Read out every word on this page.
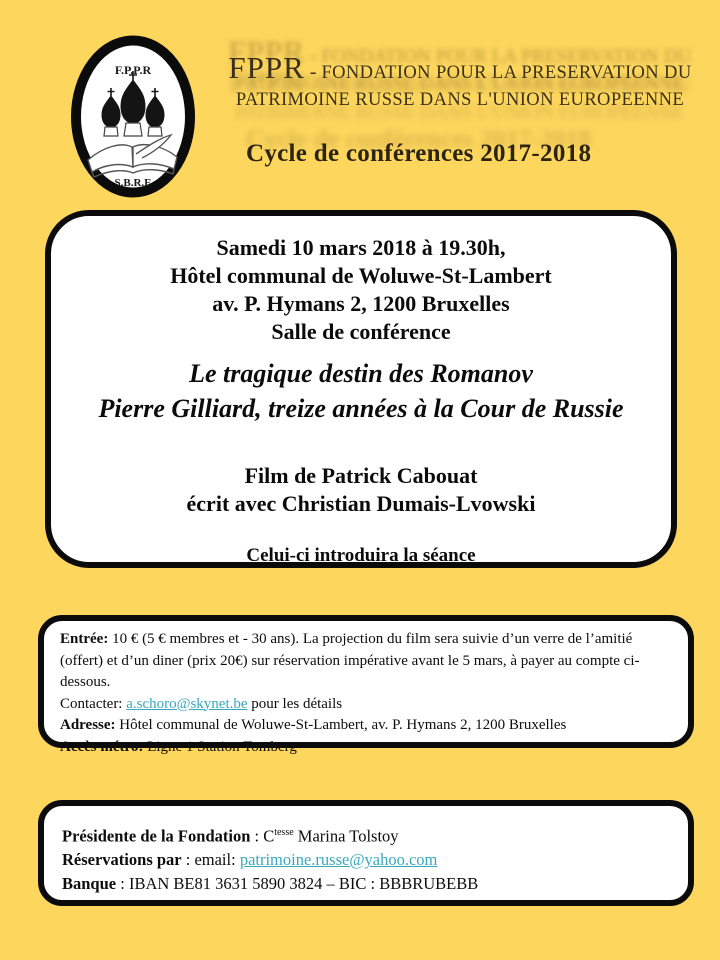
F.P.P.R
S.B.R.E
FPPR - FONDATION POUR LA PRESERVATION DU
PATRIMOINE RUSSE DANS L'UNION EUROPEENNE
Cycle de conférences 2017-2018
Samedi 10 mars 2018 à 19.30h,
Hôtel communal de Woluwe-St-Lambert
av. P. Hymans 2, 1200 Bruxelles
Salle de conférence
Le tragique destin des Romanov
Pierre Gilliard, treize années à la Cour de Russie
Film de Patrick Cabouat
écrit avec Christian Dumais-Lvowski
Celui-ci introduira la séance

Entrée: 10 € (5 € membres et - 30 ans). La projection du film sera suivie d’un verre de l’amitié (offert) et d’un diner (prix 20€) sur réservation impérative avant le 5 mars, à payer au compte ci-dessous.

Contacter: a.schoro@skynet.be pour les détails

Adresse: Hôtel communal de Woluwe-St-Lambert, av. P. Hymans 2, 1200 Bruxelles

Accès métro: Ligne 1 Station Tomberg

Présidente de la Fondation : $C^{tesse}$ Marina Tolstoy

Réservations par : email: patrimoine.russe@yahoo.com

Banque : IBAN BE81 3631 5890 3824 – BIC : BBBRUBEBB
